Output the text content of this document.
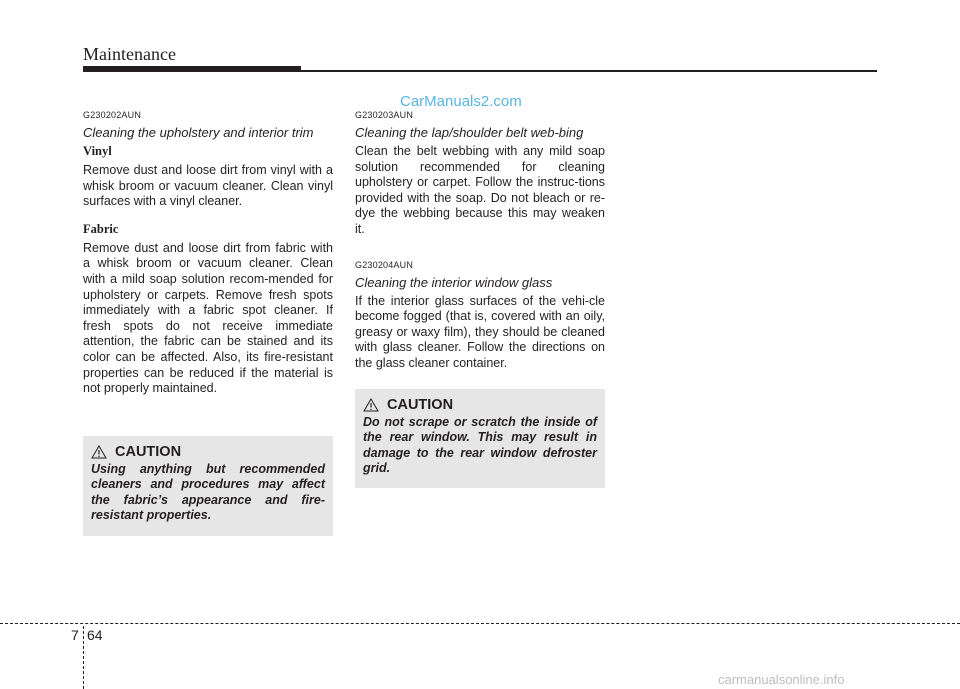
Maintenance
CarManuals2.com
G230202AUN
Cleaning the upholstery and interior trim
Vinyl
Remove dust and loose dirt from vinyl with a whisk broom or vacuum cleaner. Clean vinyl surfaces with a vinyl cleaner.
Fabric
Remove dust and loose dirt from fabric with a whisk broom or vacuum cleaner. Clean with a mild soap solution recom-mended for upholstery or carpets. Remove fresh spots immediately with a fabric spot cleaner. If fresh spots do not receive immediate attention, the fabric can be stained and its color can be affected. Also, its fire-resistant properties can be reduced if the material is not properly maintained.
CAUTION
Using anything but recommended cleaners and procedures may affect the fabric’s appearance and fire-resistant properties.
G230203AUN
Cleaning the lap/shoulder belt web-bing
Clean the belt webbing with any mild soap solution recommended for cleaning upholstery or carpet. Follow the instruc-tions provided with the soap. Do not bleach or re-dye the webbing because this may weaken it.
G230204AUN
Cleaning the interior window glass
If the interior glass surfaces of the vehi-cle become fogged (that is, covered with an oily, greasy or waxy film), they should be cleaned with glass cleaner. Follow the directions on the glass cleaner container.
CAUTION
Do not scrape or scratch the inside of the rear window. This may result in damage to the rear window defroster grid.
7 64
carmanualsonline.info
